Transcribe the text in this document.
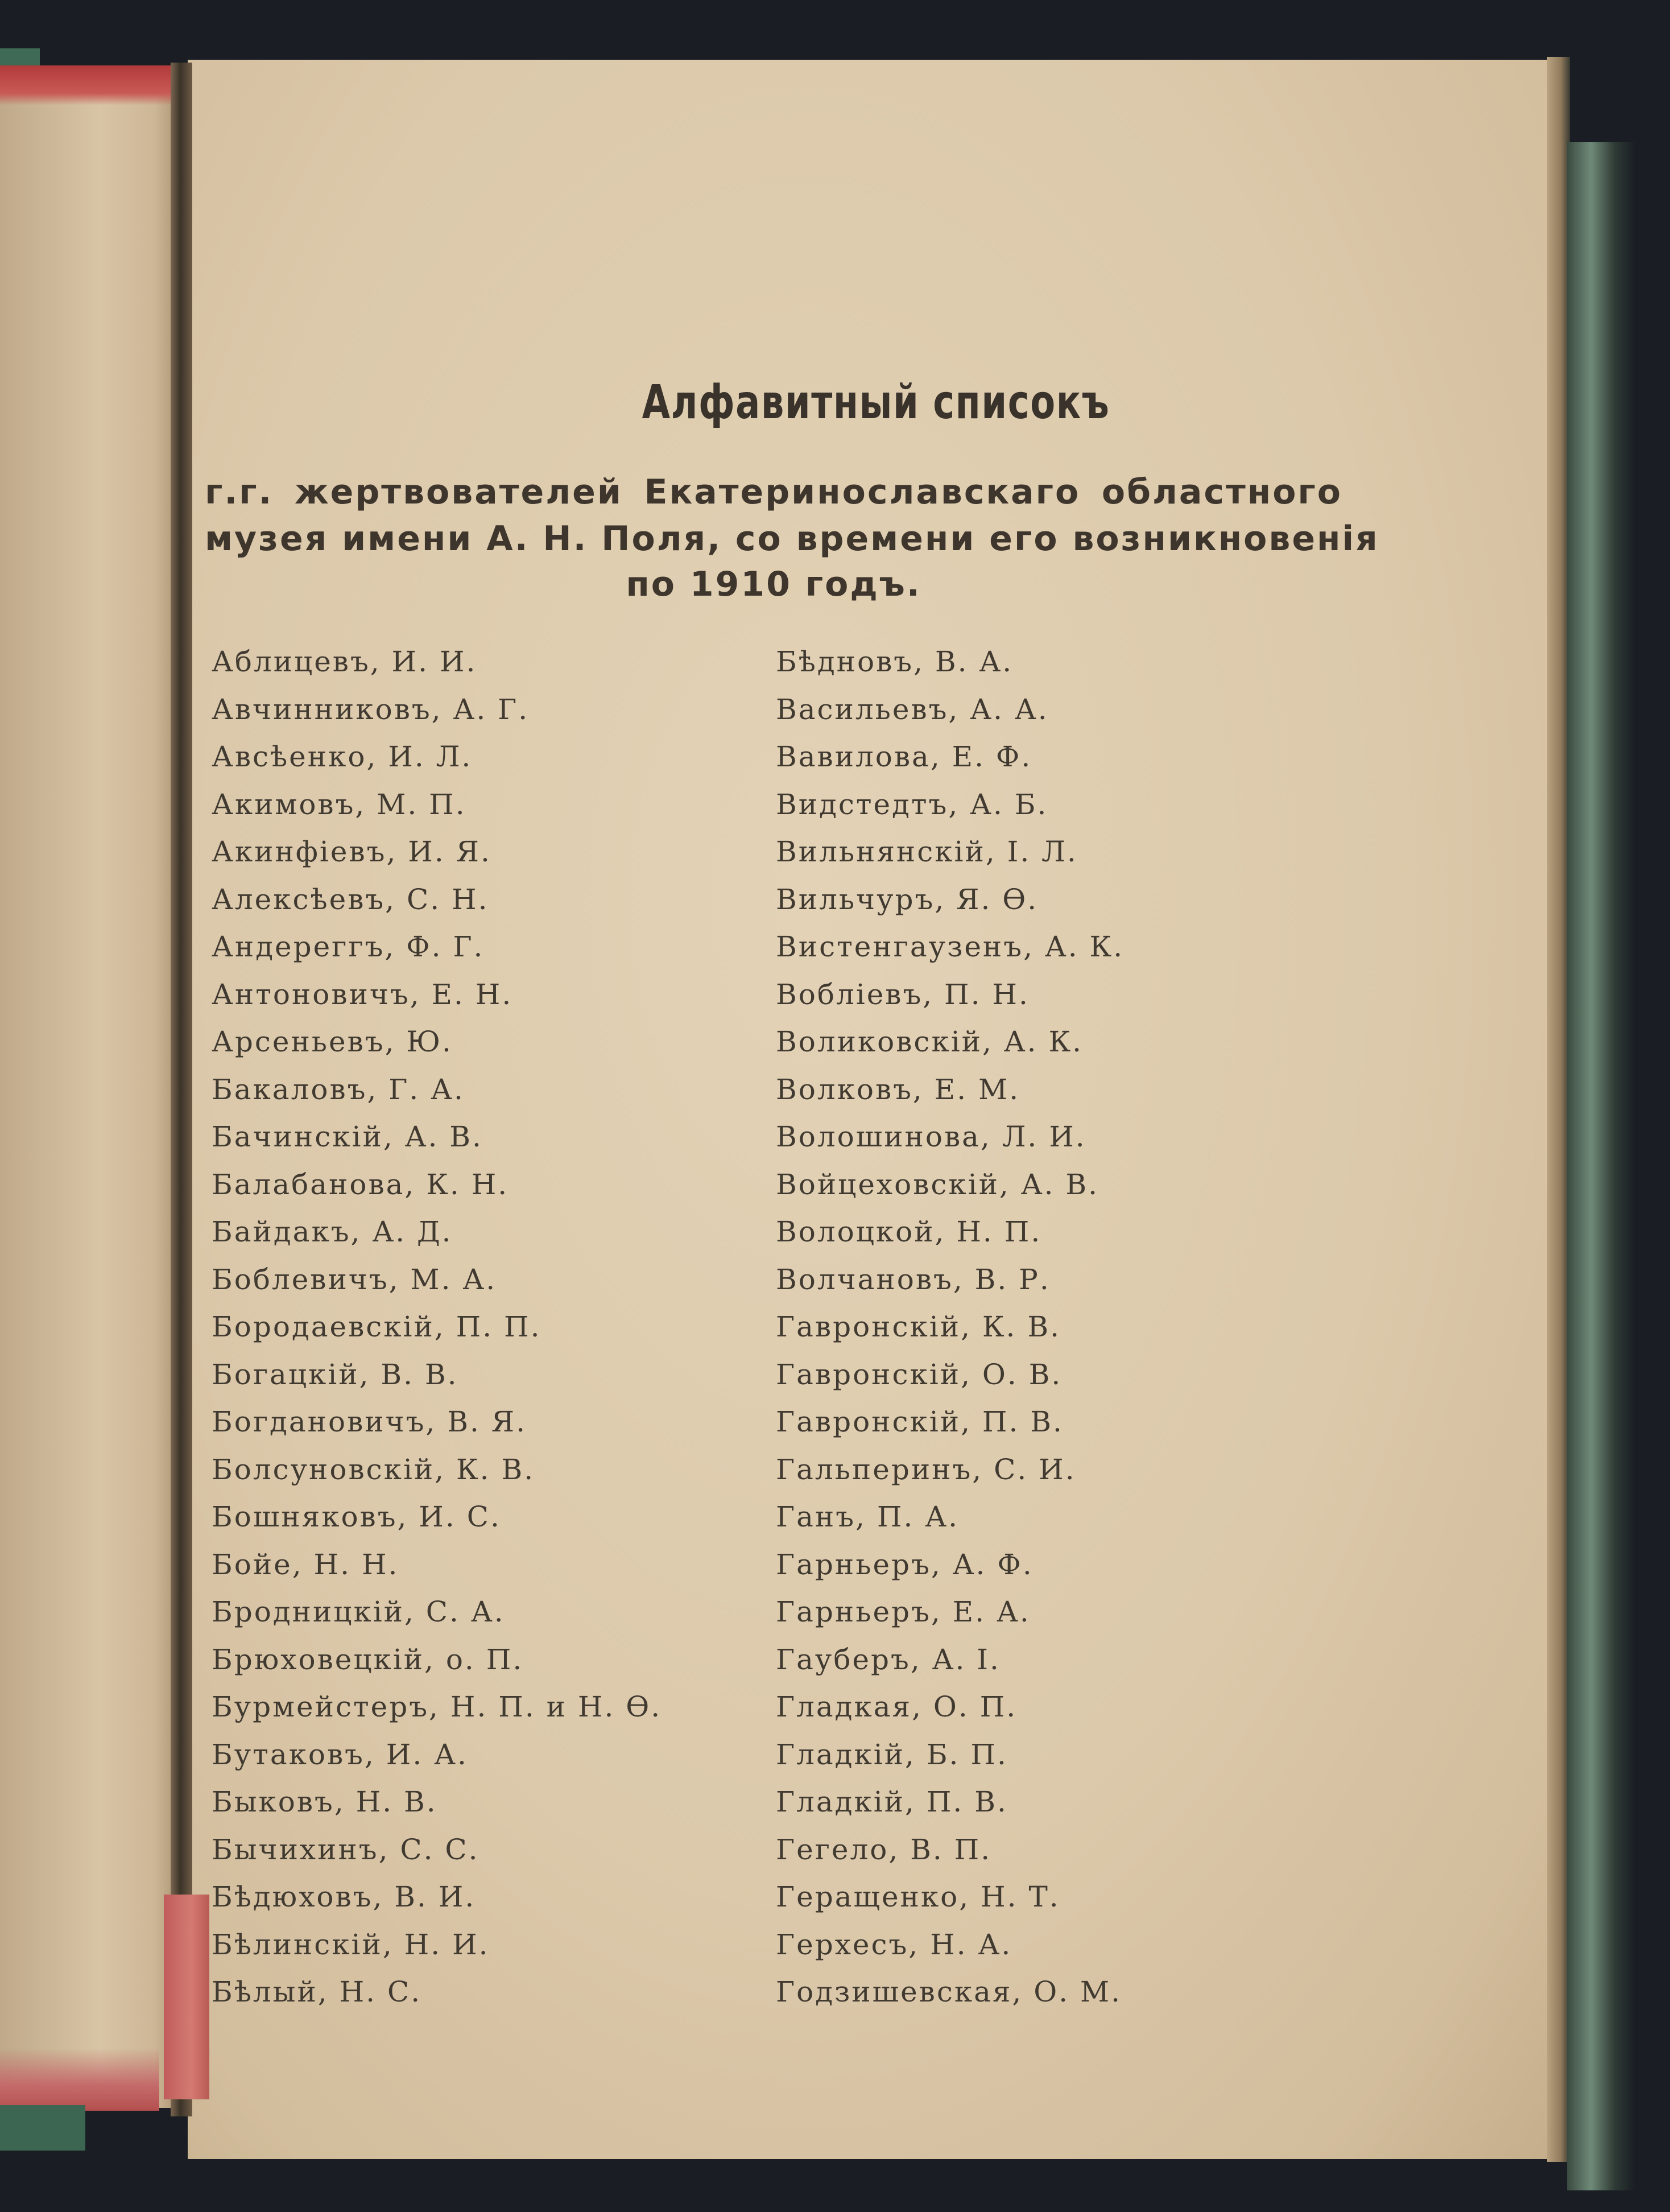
Алфавитный списокъ
г.г. жертвователей Екатеринославскаго областного
музея имени А. Н. Поля, со времени его возникновенія
по 1910 годъ.
Аблицевъ, И. И.
Авчинниковъ, А. Г.
Авсѣенко, И. Л.
Акимовъ, М. П.
Акинфіевъ, И. Я.
Алексѣевъ, С. Н.
Андереггъ, Ф. Г.
Антоновичъ, Е. Н.
Арсеньевъ, Ю.
Бакаловъ, Г. А.
Бачинскій, А. В.
Балабанова, К. Н.
Байдакъ, А. Д.
Боблевичъ, М. А.
Бородаевскій, П. П.
Богацкій, В. В.
Богдановичъ, В. Я.
Болсуновскій, К. В.
Бошняковъ, И. С.
Бойе, Н. Н.
Бродницкій, С. А.
Брюховецкій, о. П.
Бурмейстеръ, Н. П. и Н. Ѳ.
Бутаковъ, И. А.
Быковъ, Н. В.
Бычихинъ, С. С.
Бѣдюховъ, В. И.
Бѣлинскій, Н. И.
Бѣлый, Н. С.
Бѣдновъ, В. А.
Васильевъ, А. А.
Вавилова, Е. Ф.
Видстедтъ, А. Б.
Вильнянскій, І. Л.
Вильчуръ, Я. Ѳ.
Вистенгаузенъ, А. К.
Вобліевъ, П. Н.
Воликовскій, А. К.
Волковъ, Е. М.
Волошинова, Л. И.
Войцеховскій, А. В.
Волоцкой, Н. П.
Волчановъ, В. Р.
Гавронскій, К. В.
Гавронскій, О. В.
Гавронскій, П. В.
Гальперинъ, С. И.
Ганъ, П. А.
Гарньеръ, А. Ф.
Гарньеръ, Е. А.
Гауберъ, А. І.
Гладкая, О. П.
Гладкій, Б. П.
Гладкій, П. В.
Гегело, В. П.
Геращенко, Н. Т.
Герхесъ, Н. А.
Годзишевская, О. М.
